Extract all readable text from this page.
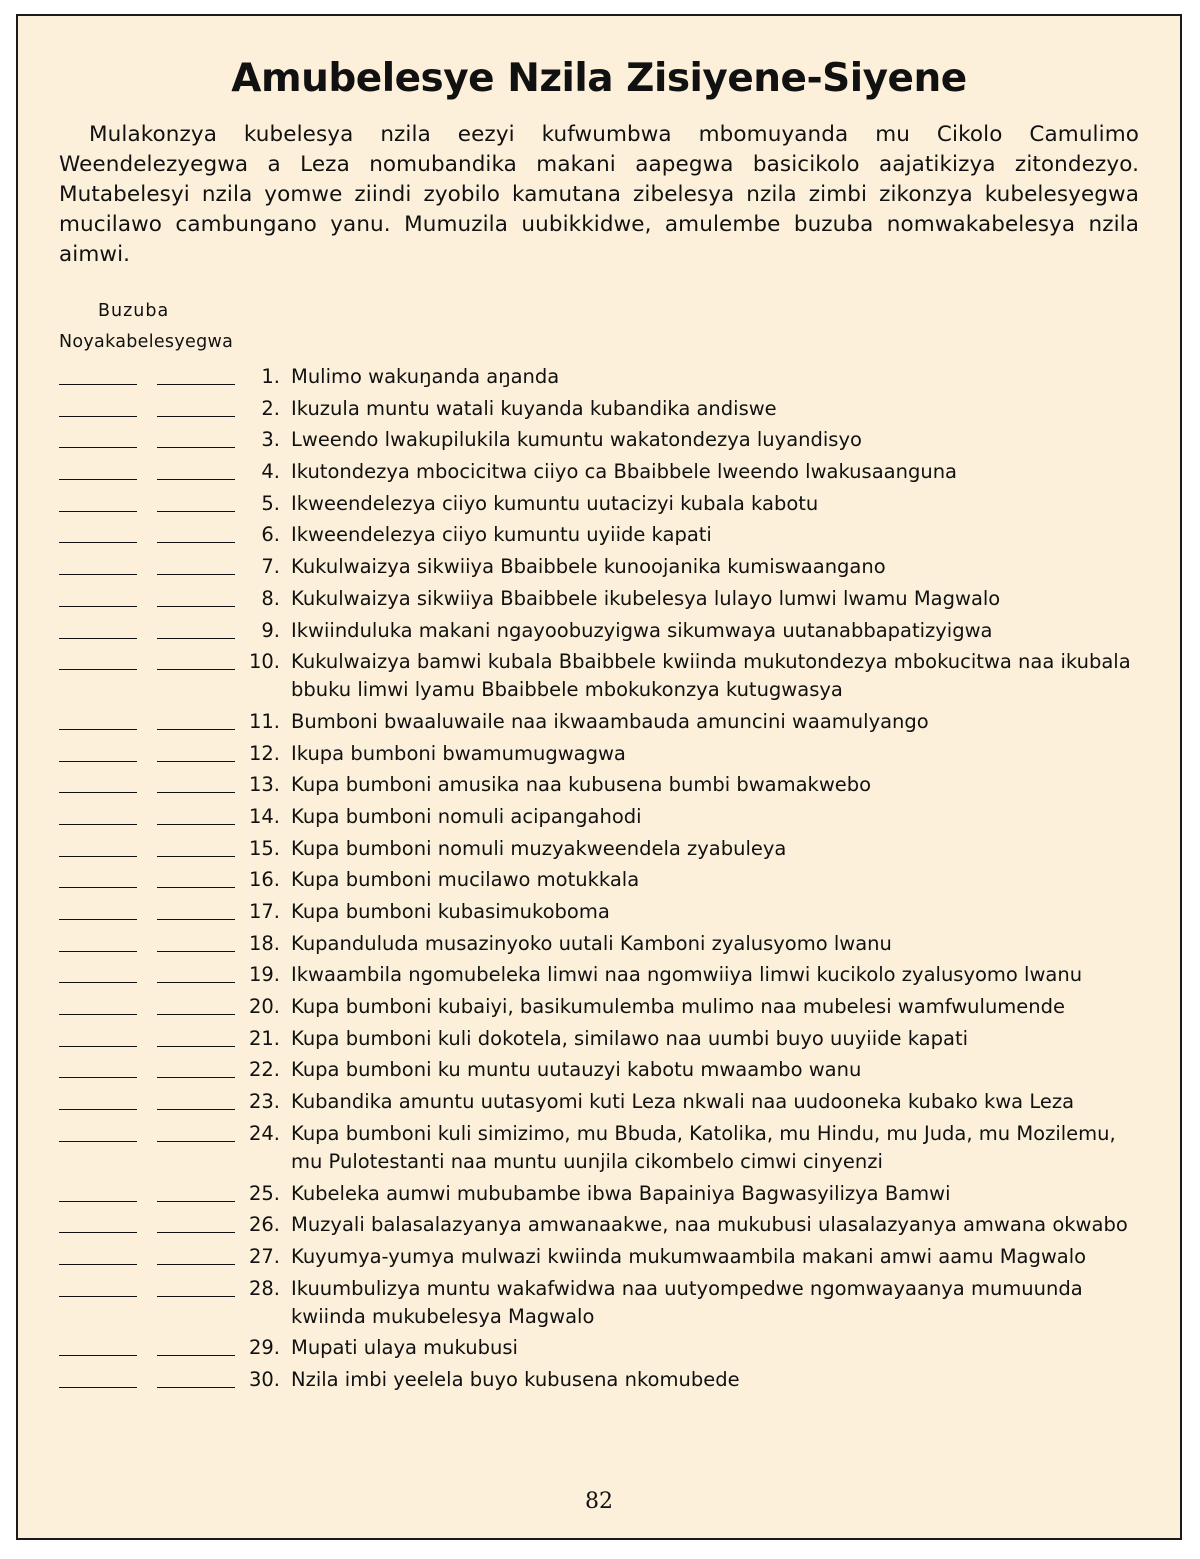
Amubelesye Nzila Zisiyene-Siyene

Mulakonzya kubelesya nzila eezyi kufwumbwa mbomuyanda mu Cikolo Camulimo Weendelezyegwa a Leza nomubandika makani aapegwa basicikolo aajatikizya zitondezyo. Mutabelesyi nzila yomwe ziindi zyobilo kamutana zibelesya nzila zimbi zikonzya kubelesyegwa mucilawo cambungano yanu. Mumuzila uubikkidwe, amulembe buzuba nomwakabelesya nzila aimwi.

Buzuba
Noyakabelesyegwa
1. Mulimo wakuŋanda aŋanda
2. Ikuzula muntu watali kuyanda kubandika andiswe
3. Lweendo lwakupilukila kumuntu wakatondezya luyandisyo
4. Ikutondezya mbocicitwa ciiyo ca Bbaibbele lweendo lwakusaanguna
5. Ikweendelezya ciiyo kumuntu uutacizyi kubala kabotu
6. Ikweendelezya ciiyo kumuntu uyiide kapati
7. Kukulwaizya sikwiiya Bbaibbele kunoojanika kumiswaangano
8. Kukulwaizya sikwiiya Bbaibbele ikubelesya lulayo lumwi lwamu Magwalo
9. Ikwiinduluka makani ngayoobuzyigwa sikumwaya uutanabbapatizyigwa
10. Kukulwaizya bamwi kubala Bbaibbele kwiinda mukutondezya mbokucitwa naa ikubala bbuku limwi lyamu Bbaibbele mbokukonzya kutugwasya
11. Bumboni bwaaluwaile naa ikwaambauda amuncini waamulyango
12. Ikupa bumboni bwamumugwagwa
13. Kupa bumboni amusika naa kubusena bumbi bwamakwebo
14. Kupa bumboni nomuli acipangahodi
15. Kupa bumboni nomuli muzyakweendela zyabuleya
16. Kupa bumboni mucilawo motukkala
17. Kupa bumboni kubasimukoboma
18. Kupanduluda musazinyoko uutali Kamboni zyalusyomo lwanu
19. Ikwaambila ngomubeleka limwi naa ngomwiiya limwi kucikolo zyalusyomo lwanu
20. Kupa bumboni kubaiyi, basikumulemba mulimo naa mubelesi wamfwulumende
21. Kupa bumboni kuli dokotela, similawo naa uumbi buyo uuyiide kapati
22. Kupa bumboni ku muntu uutauzyi kabotu mwaambo wanu
23. Kubandika amuntu uutasyomi kuti Leza nkwali naa uudooneka kubako kwa Leza
24. Kupa bumboni kuli simizimo, mu Bbuda, Katolika, mu Hindu, mu Juda, mu Mozilemu, mu Pulotestanti naa muntu uunjila cikombelo cimwi cinyenzi
25. Kubeleka aumwi mububambe ibwa Bapainiya Bagwasyilizya Bamwi
26. Muzyali balasalazyanya amwanaakwe, naa mukubusi ulasalazyanya amwana okwabo
27. Kuyumya-yumya mulwazi kwiinda mukumwaambila makani amwi aamu Magwalo
28. Ikuumbulizya muntu wakafwidwa naa uutyompedwe ngomwayaanya mumuunda kwiinda mukubelesya Magwalo
29. Mupati ulaya mukubusi
30. Nzila imbi yeelela buyo kubusena nkomubede
82
